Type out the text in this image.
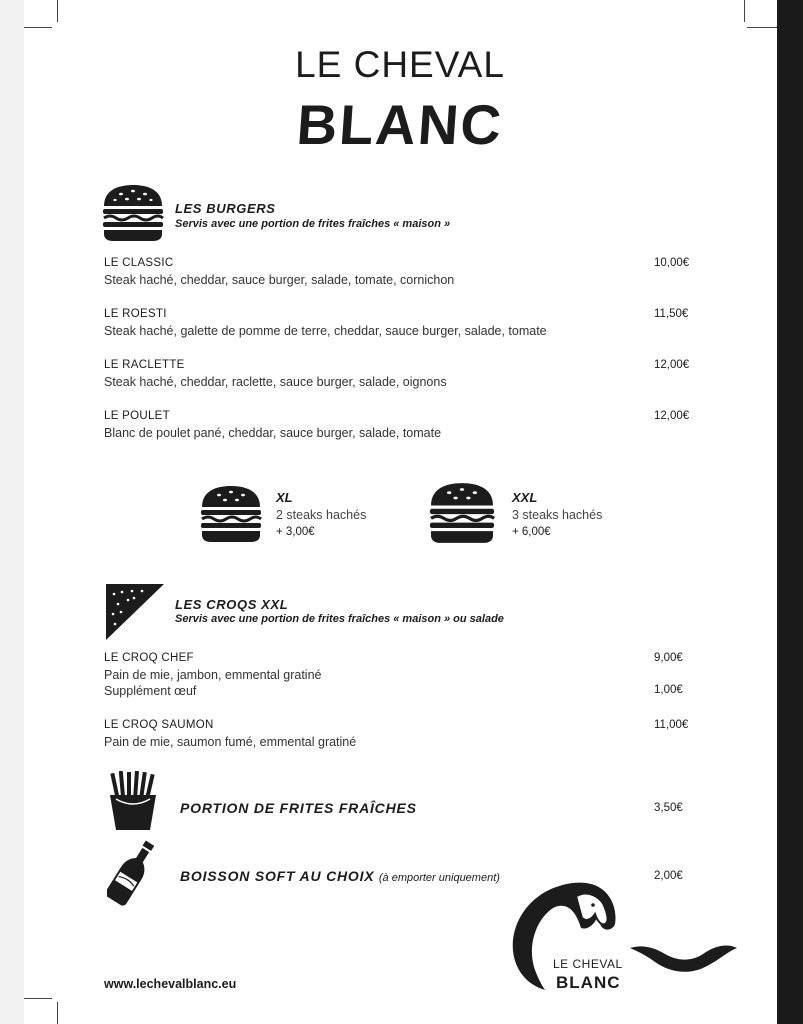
LE CHEVAL
BLANC
LES BURGERS
Servis avec une portion de frites fraîches « maison »
LE CLASSIC
Steak haché, cheddar, sauce burger, salade, tomate, cornichon
10,00€
LE ROESTI
Steak haché, galette de pomme de terre, cheddar, sauce burger, salade, tomate
11,50€
LE RACLETTE
Steak haché, cheddar, raclette, sauce burger, salade, oignons
12,00€
LE POULET
Blanc de poulet pané, cheddar, sauce burger, salade, tomate
12,00€
XL
2 steaks hachés
+ 3,00€
XXL
3 steaks hachés
+ 6,00€
LES CROQS XXL
Servis avec une portion de frites fraîches « maison » ou salade
LE CROQ CHEF
Pain de mie, jambon, emmental gratiné
9,00€
Supplément œuf	1,00€
LE CROQ SAUMON
Pain de mie, saumon fumé, emmental gratiné
11,00€
PORTION DE FRITES FRAÎCHES	3,50€
BOISSON SOFT AU CHOIX (à emporter uniquement)	2,00€
www.lechevalblanc.eu
LE CHEVAL
BLANC
